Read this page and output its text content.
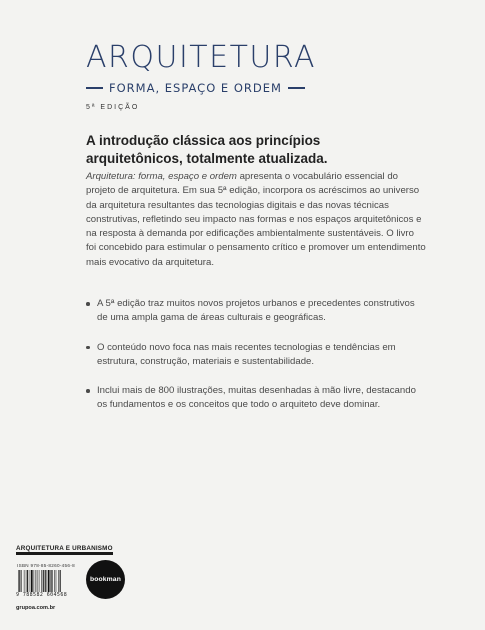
ARQUITETURA
FORMA, ESPAÇO E ORDEM
5ª EDIÇÃO
A introdução clássica aos princípios
arquitetônicos, totalmente atualizada.
Arquitetura: forma, espaço e ordem apresenta o vocabulário essencial do projeto de arquitetura. Em sua 5ª edição, incorpora os acréscimos ao universo da arquitetura resultantes das tecnologias digitais e das novas técnicas construtivas, refletindo seu impacto nas formas e nos espaços arquitetônicos e na resposta à demanda por edificações ambientalmente sustentáveis. O livro foi concebido para estimular o pensamento crítico e promover um entendimento mais evocativo da arquitetura.
A 5ª edição traz muitos novos projetos urbanos e precedentes construtivos de uma ampla gama de áreas culturais e geográficas.
O conteúdo novo foca nas mais recentes tecnologias e tendências em estrutura, construção, materiais e sustentabilidade.
Inclui mais de 800 ilustrações, muitas desenhadas à mão livre, destacando os fundamentos e os conceitos que todo o arquiteto deve dominar.
ARQUITETURA E URBANISMO
ISBN 978-85-8260-456-8
9 788582 604568
bookman
grupoa.com.br
